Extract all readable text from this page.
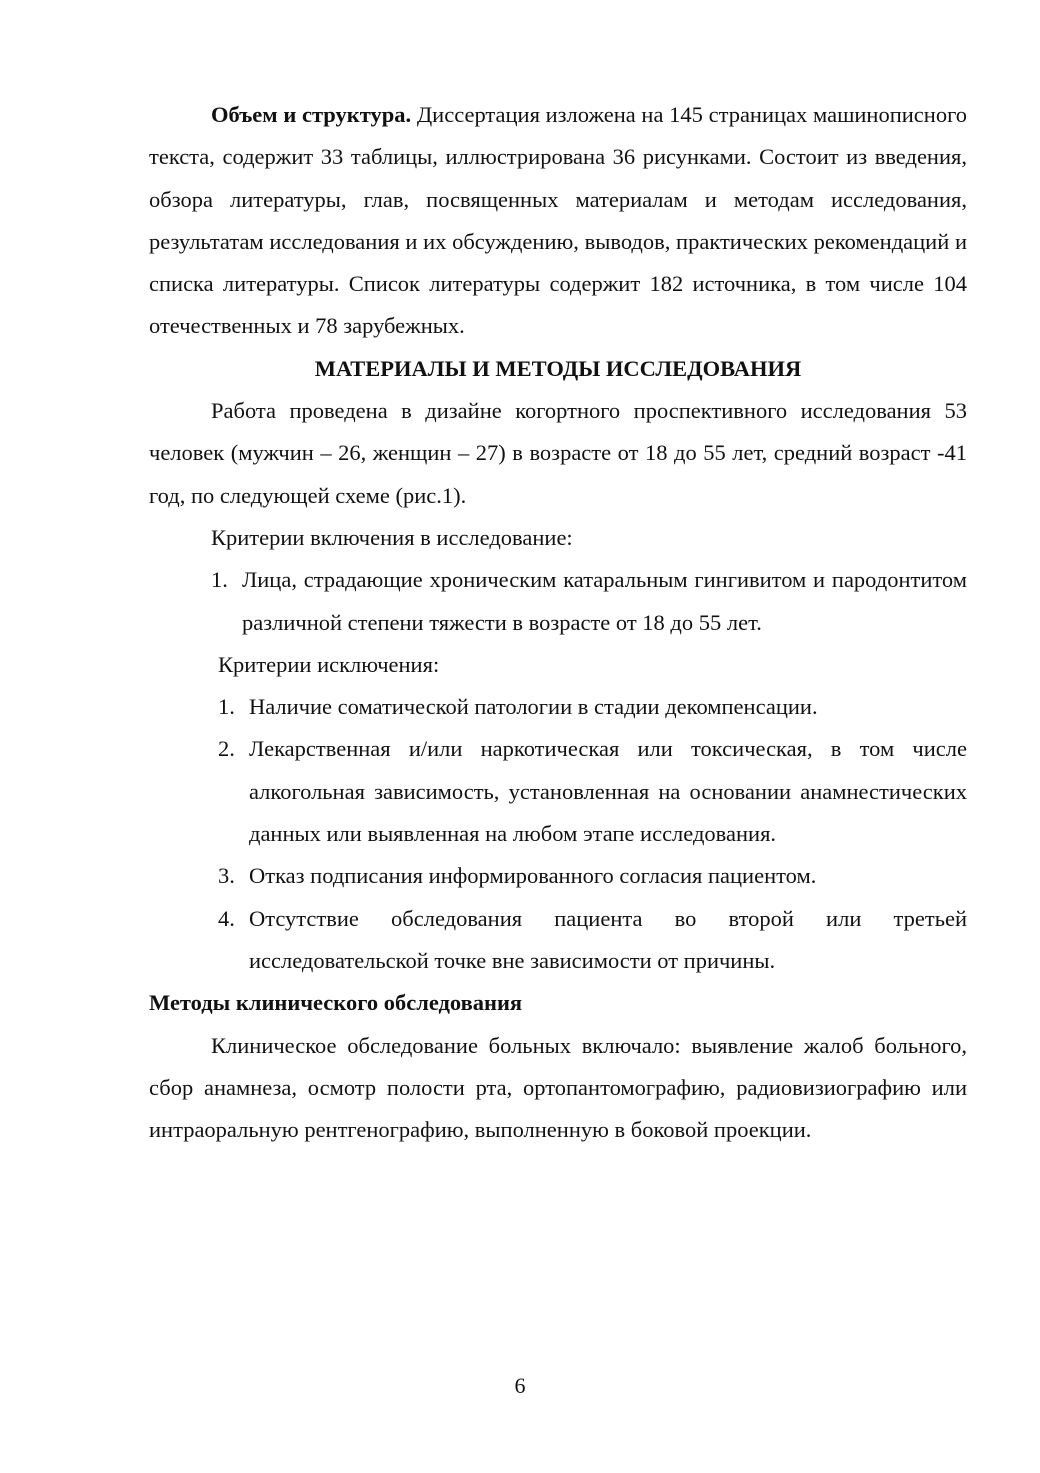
Объем и структура. Диссертация изложена на 145 страницах машинописного текста, содержит 33 таблицы, иллюстрирована 36 рисунками. Состоит из введения, обзора литературы, глав, посвященных материалам и методам исследования, результатам исследования и их обсуждению, выводов, практических рекомендаций и списка литературы. Список литературы содержит 182 источника, в том числе 104 отечественных и 78 зарубежных.

МАТЕРИАЛЫ И МЕТОДЫ ИССЛЕДОВАНИЯ

Работа проведена в дизайне когортного проспективного исследования 53 человек (мужчин – 26, женщин – 27) в возрасте от 18 до 55 лет, средний возраст -41 год, по следующей схеме (рис.1).

Критерии включения в исследование:

1. Лица, страдающие хроническим катаральным гингивитом и пародонтитом различной степени тяжести в возрасте от 18 до 55 лет.

Критерии исключения:

1. Наличие соматической патологии в стадии декомпенсации.
2. Лекарственная и/или наркотическая или токсическая, в том числе алкогольная зависимость, установленная на основании анамнестических данных или выявленная на любом этапе исследования.
3. Отказ подписания информированного согласия пациентом.
4. Отсутствие обследования пациента во второй или третьей исследовательской точке вне зависимости от причины.

Методы клинического обследования

Клиническое обследование больных включало: выявление жалоб больного, сбор анамнеза, осмотр полости рта, ортопантомографию, радиовизиографию или интраоральную рентгенографию, выполненную в боковой проекции.

6
